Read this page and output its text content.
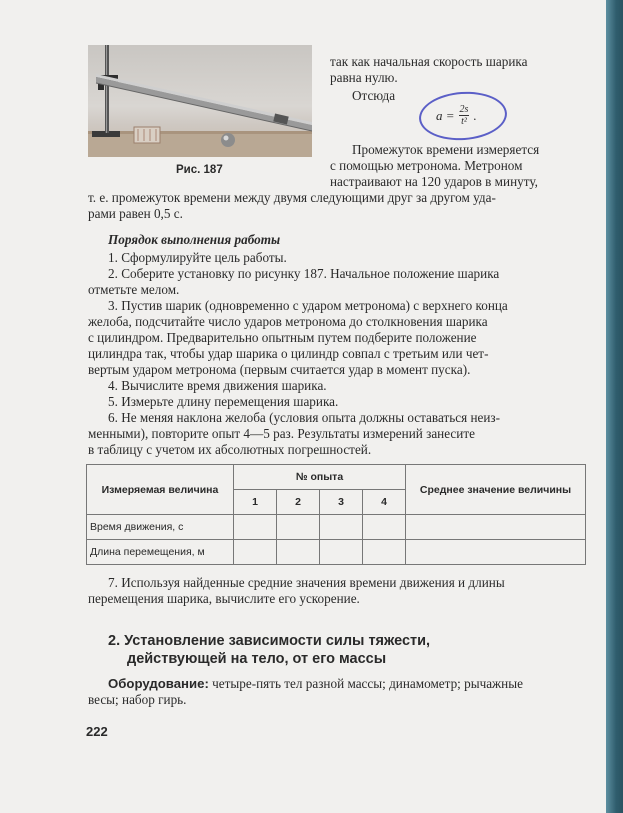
Рис. 187
так как начальная скорость шарика
равна нулю.
Отсюда
$a = \frac{2s}{\text{t²}}$ .
Промежуток времени измеряется
с помощью метронома. Метроном
настраивают на 120 ударов в минуту,
т. е. промежуток времени между двумя следующими друг за другом уда-
рами равен 0,5 с.
Порядок выполнения работы
1. Сформулируйте цель работы.
2. Соберите установку по рисунку 187. Начальное положение шарика
отметьте мелом.
3. Пустив шарик (одновременно с ударом метронома) с верхнего конца
желоба, подсчитайте число ударов метронома до столкновения шарика
с цилиндром. Предварительно опытным путем подберите положение
цилиндра так, чтобы удар шарика о цилиндр совпал с третьим или чет-
вертым ударом метронома (первым считается удар в момент пуска).
4. Вычислите время движения шарика.
5. Измерьте длину перемещения шарика.
6. Не меняя наклона желоба (условия опыта должны оставаться неиз-
менными), повторите опыт 4—5 раз. Результаты измерений занесите
в таблицу с учетом их абсолютных погрешностей.
Измеряемая величина	№ опыта				Среднее значение величины
	1	2	3	4	
Время движения, с					
Длина перемещения, м					
7. Используя найденные средние значения времени движения и длины
перемещения шарика, вычислите его ускорение.
2. Установление зависимости силы тяжести,
действующей на тело, от его массы
Оборудование: четыре-пять тел разной массы; динамометр; рычажные
весы; набор гирь.
222
